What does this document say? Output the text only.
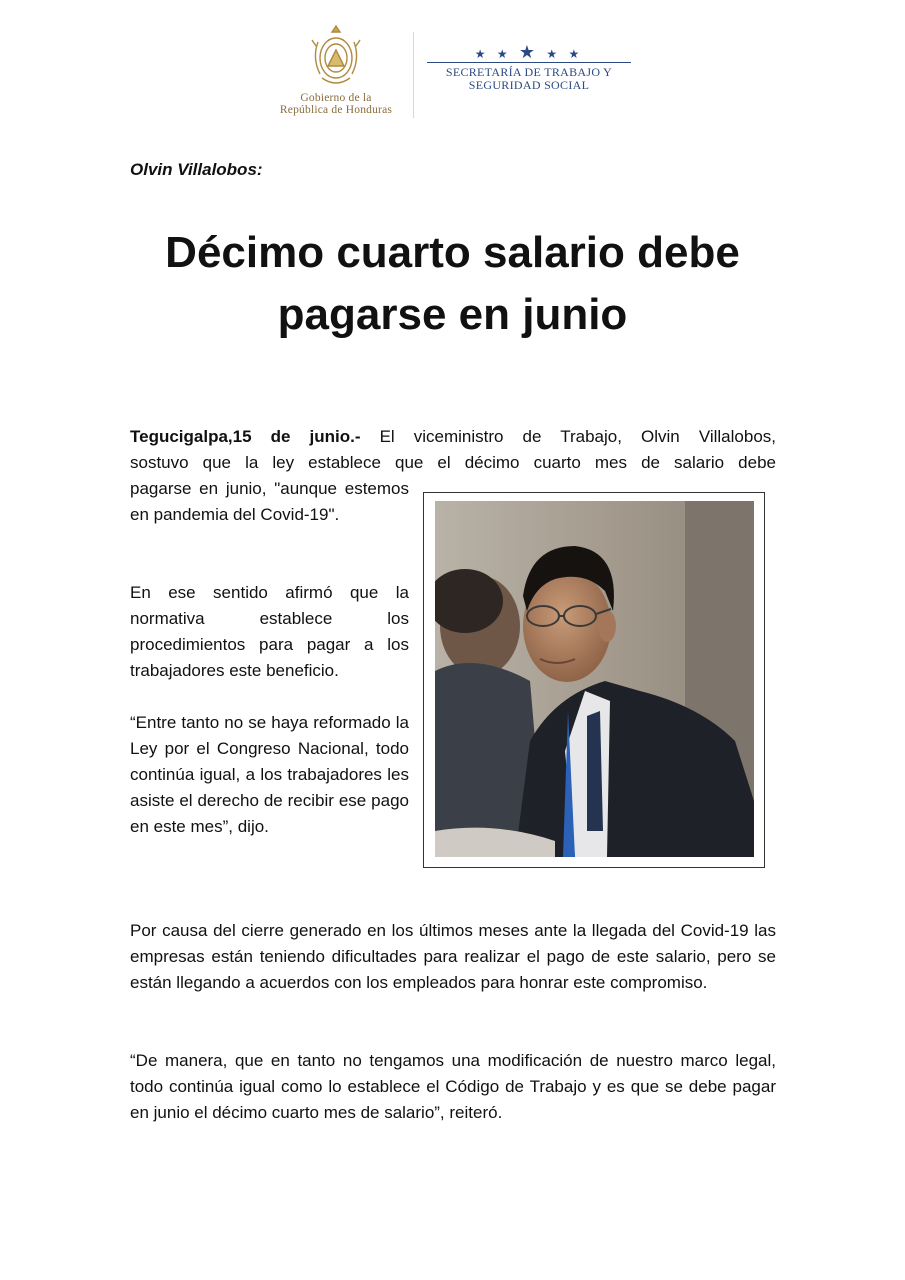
Gobierno de la
República de Honduras
★ ★ ★ ★ ★
SECRETARÍA DE TRABAJO Y
SEGURIDAD SOCIAL
Olvin Villalobos:
Décimo cuarto salario debe pagarse en junio
Tegucigalpa,15 de junio.- El viceministro de Trabajo, Olvin Villalobos,
sostuvo que la ley establece que el décimo cuarto mes de salario debe
pagarse en junio, "aunque estemos en pandemia del Covid-19".
En ese sentido afirmó que la normativa establece los procedimientos para pagar a los trabajadores este beneficio.
“Entre tanto no se haya reformado la Ley por el Congreso Nacional, todo continúa igual, a los trabajadores les asiste el derecho de recibir ese pago en este mes”, dijo.
Por causa del cierre generado en los últimos meses ante la llegada del Covid-19 las empresas están teniendo dificultades para realizar el pago de este salario, pero se están llegando a acuerdos con los empleados para honrar este compromiso.
“De manera, que en tanto no tengamos una modificación de nuestro marco legal, todo continúa igual como lo establece el Código de Trabajo y es que se debe pagar en junio el décimo cuarto mes de salario”, reiteró.
